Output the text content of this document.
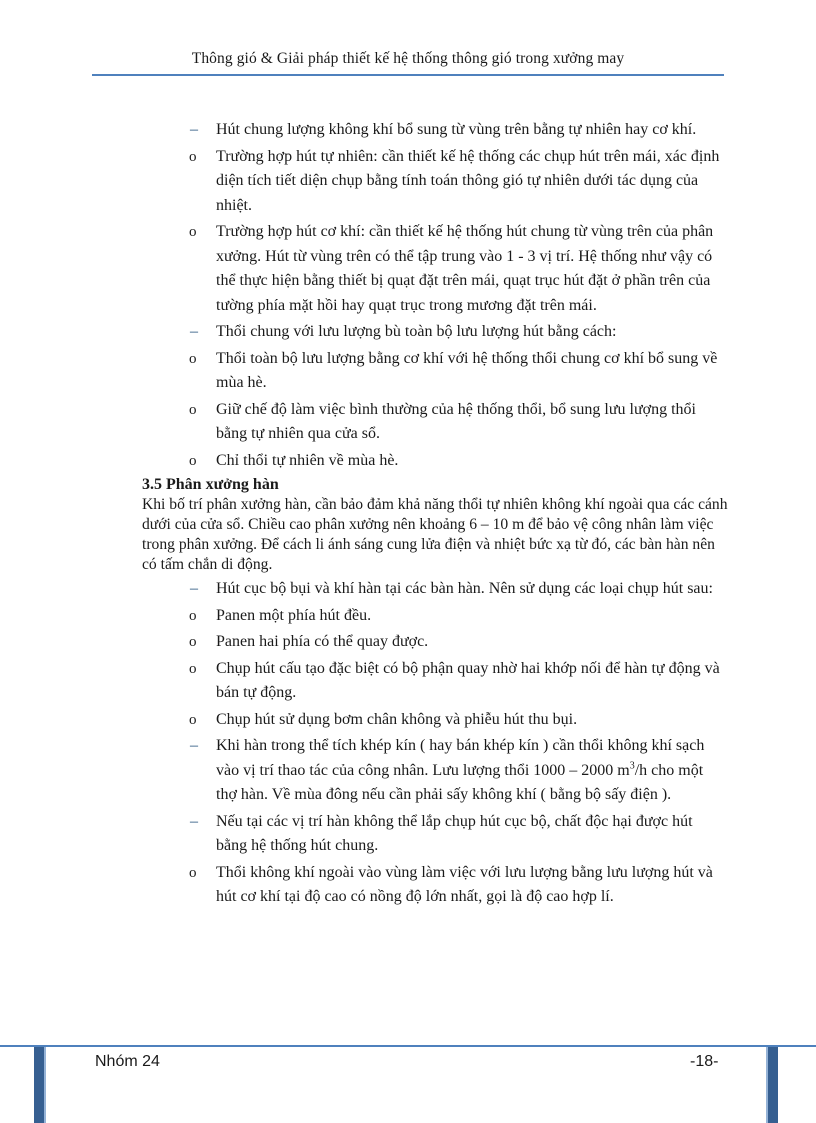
Thông gió & Giải pháp thiết kế hệ thống thông gió trong xưởng may
– Hút chung lượng không khí bổ sung từ vùng trên bằng tự nhiên hay cơ khí.
o Trường hợp hút tự nhiên: cần thiết kế hệ thống các chụp hút trên mái, xác định diện tích tiết diện chụp bằng tính toán thông gió tự nhiên dưới tác dụng của nhiệt.
o Trường hợp hút cơ khí: cần thiết kế hệ thống hút chung từ vùng trên của phân xưởng. Hút từ vùng trên có thể tập trung vào 1 - 3 vị trí. Hệ thống như vậy có thể thực hiện bằng thiết bị quạt đặt trên mái, quạt trục hút đặt ở phần trên của tường phía mặt hồi hay quạt trục trong mương đặt trên mái.
– Thổi chung với lưu lượng bù toàn bộ lưu lượng hút bằng cách:
o Thổi toàn bộ lưu lượng bằng cơ khí với hệ thống thổi chung cơ khí bổ sung về mùa hè.
o Giữ chế độ làm việc bình thường của hệ thống thổi, bổ sung lưu lượng thổi bằng tự nhiên qua cửa sổ.
o Chỉ thổi tự nhiên về mùa hè.
3.5 Phân xưởng hàn
Khi bố trí phân xưởng hàn, cần bảo đảm khả năng thổi tự nhiên không khí ngoài qua các cánh dưới của cửa sổ. Chiều cao phân xưởng nên khoảng 6 – 10 m để bảo vệ công nhân làm việc trong phân xưởng. Để cách li ánh sáng cung lửa điện và nhiệt bức xạ từ đó, các bàn hàn nên có tấm chắn di động.
– Hút cục bộ bụi và khí hàn tại các bàn hàn. Nên sử dụng các loại chụp hút sau:
o Panen một phía hút đều.
o Panen hai phía có thể quay được.
o Chụp hút cấu tạo đặc biệt có bộ phận quay nhờ hai khớp nối để hàn tự động và bán tự động.
o Chụp hút sử dụng bơm chân không và phiễu hút thu bụi.
– Khi hàn trong thể tích khép kín ( hay bán khép kín ) cần thổi không khí sạch vào vị trí thao tác của công nhân. Lưu lượng thổi 1000 – 2000 $m^3/h$ cho một thợ hàn. Về mùa đông nếu cần phải sấy không khí ( bằng bộ sấy điện ).
– Nếu tại các vị trí hàn không thể lắp chụp hút cục bộ, chất độc hại được hút bằng hệ thống hút chung.
o Thổi không khí ngoài vào vùng làm việc với lưu lượng bằng lưu lượng hút và hút cơ khí tại độ cao có nồng độ lớn nhất, gọi là độ cao hợp lí.
Nhóm 24	-18-
